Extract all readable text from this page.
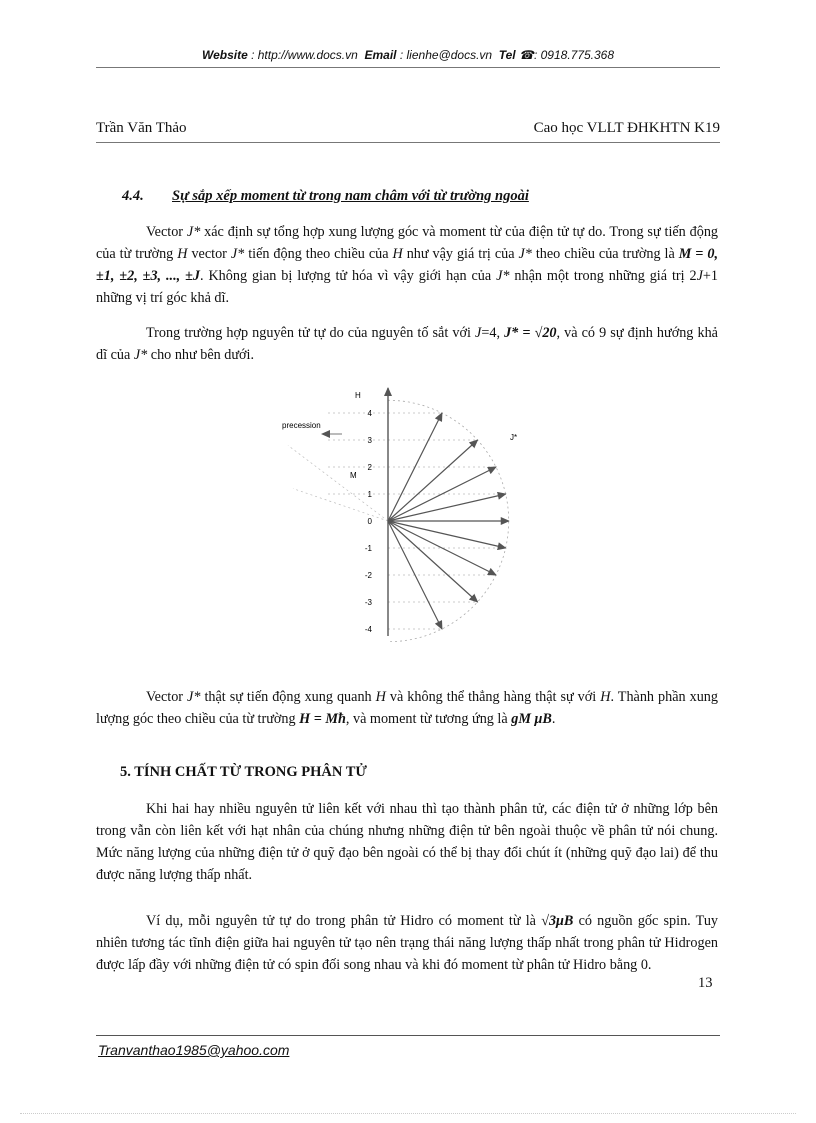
Website : http://www.docs.vn Email : lienhe@docs.vn Tel ☎: 0918.775.368
Trần Văn Thảo	Cao học VLLT ĐHKHTN K19
4.4. Sự sắp xếp moment từ trong nam châm với từ trường ngoài
Vector J* xác định sự tổng hợp xung lượng góc và moment từ của điện tử tự do. Trong sự tiến động của từ trường H vector J* tiến động theo chiều của H như vậy giá trị của J* theo chiều của trường là M = 0, ±1, ±2, ±3, ..., ±J. Không gian bị lượng tử hóa vì vậy giới hạn của J* nhận một trong những giá trị 2J+1 những vị trí góc khả dĩ.
Trong trường hợp nguyên tử tự do của nguyên tố sắt với J=4, J* = √20, và có 9 sự định hướng khả dĩ của J* cho như bên dưới.
H
4
3
2
1
0
-1
-2
-3
-4
precession
J*
M
Vector J* thật sự tiến động xung quanh H và không thể thẳng hàng thật sự với H. Thành phần xung lượng góc theo chiều của từ trường H = Mħ, và moment từ tương ứng là gM μB.
5. TÍNH CHẤT TỪ TRONG PHÂN TỬ
Khi hai hay nhiều nguyên tử liên kết với nhau thì tạo thành phân tử, các điện tử ở những lớp bên trong vẫn còn liên kết với hạt nhân của chúng nhưng những điện tử bên ngoài thuộc về phân tử nói chung. Mức năng lượng của những điện tử ở quỹ đạo bên ngoài có thể bị thay đổi chút ít (những quỹ đạo lai) để thu được năng lượng thấp nhất.
Ví dụ, mỗi nguyên tử tự do trong phân tử Hidro có moment từ là √3μB có nguồn gốc spin. Tuy nhiên tương tác tĩnh điện giữa hai nguyên tử tạo nên trạng thái năng lượng thấp nhất trong phân tử Hidrogen được lấp đầy với những điện tử có spin đối song nhau và khi đó moment từ phân tử Hidro bằng 0.
13
Tranvanthao1985@yahoo.com
